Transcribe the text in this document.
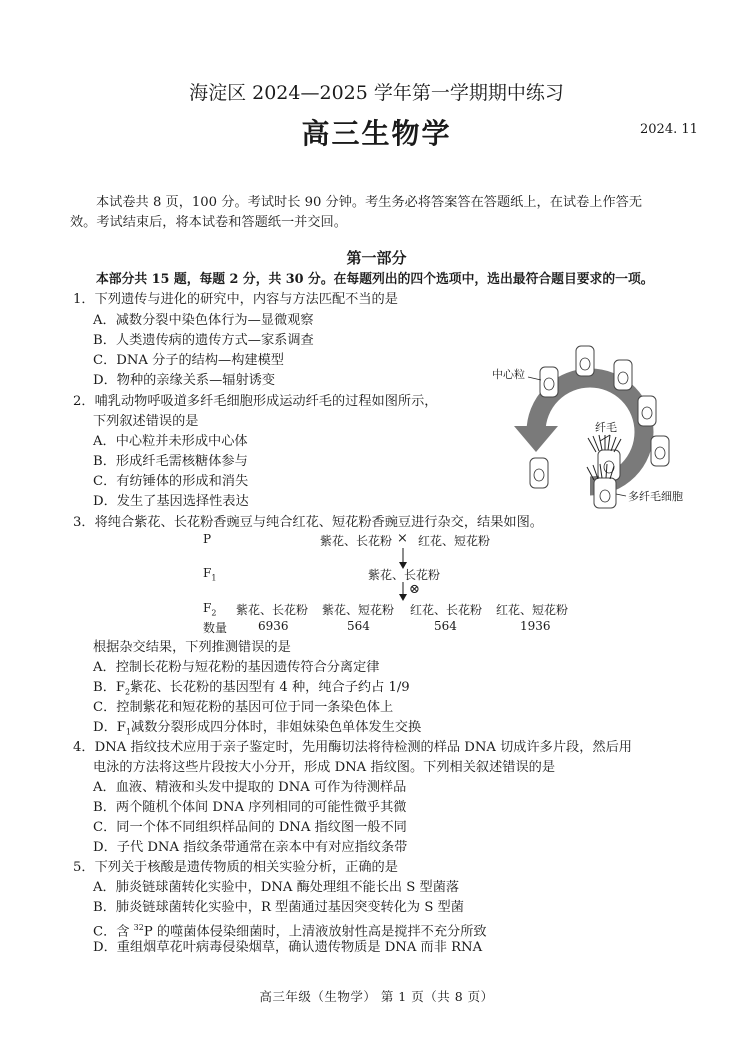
海淀区 2024—2025 学年第一学期期中练习
高三生物学	2024. 11
本试卷共 8 页，100 分。考试时长 90 分钟。考生务必将答案答在答题纸上，在试卷上作答无
效。考试结束后，将本试卷和答题纸一并交回。
第一部分
本部分共 15 题，每题 2 分，共 30 分。在每题列出的四个选项中，选出最符合题目要求的一项。
1．下列遗传与进化的研究中，内容与方法匹配不当的是
A．减数分裂中染色体行为—显微观察
B．人类遗传病的遗传方式—家系调查
C．DNA 分子的结构—构建模型
D．物种的亲缘关系—辐射诱变
2．哺乳动物呼吸道多纤毛细胞形成运动纤毛的过程如图所示，
下列叙述错误的是
A．中心粒并未形成中心体
B．形成纤毛需核糖体参与
C．有纺锤体的形成和消失
D．发生了基因选择性表达
中心粒
纤毛
多纤毛细胞
3．将纯合紫花、长花粉香豌豆与纯合红花、短花粉香豌豆进行杂交，结果如图。
P	紫花、长花粉 × 红花、短花粉
$F_1$	紫花、长花粉
⊗
$F_2$ 紫花、长花粉 紫花、短花粉 红花、长花粉 红花、短花粉
数量	6936	564	564	1936
根据杂交结果，下列推测错误的是
A．控制长花粉与短花粉的基因遗传符合分离定律
B．$F_2$紫花、长花粉的基因型有 4 种，纯合子约占 1/9
C．控制紫花和短花粉的基因可位于同一条染色体上
D．$F_1$减数分裂形成四分体时，非姐妹染色单体发生交换
4．DNA 指纹技术应用于亲子鉴定时，先用酶切法将待检测的样品 DNA 切成许多片段，然后用
电泳的方法将这些片段按大小分开，形成 DNA 指纹图。下列相关叙述错误的是
A．血液、精液和头发中提取的 DNA 可作为待测样品
B．两个随机个体间 DNA 序列相同的可能性微乎其微
C．同一个体不同组织样品间的 DNA 指纹图一般不同
D．子代 DNA 指纹条带通常在亲本中有对应指纹条带
5．下列关于核酸是遗传物质的相关实验分析，正确的是
A．肺炎链球菌转化实验中，DNA 酶处理组不能长出 S 型菌落
B．肺炎链球菌转化实验中，R 型菌通过基因突变转化为 S 型菌
C．含 $^{32}$P 的噬菌体侵染细菌时，上清液放射性高是搅拌不充分所致
D．重组烟草花叶病毒侵染烟草，确认遗传物质是 DNA 而非 RNA
高三年级（生物学） 第 1 页（共 8 页）
